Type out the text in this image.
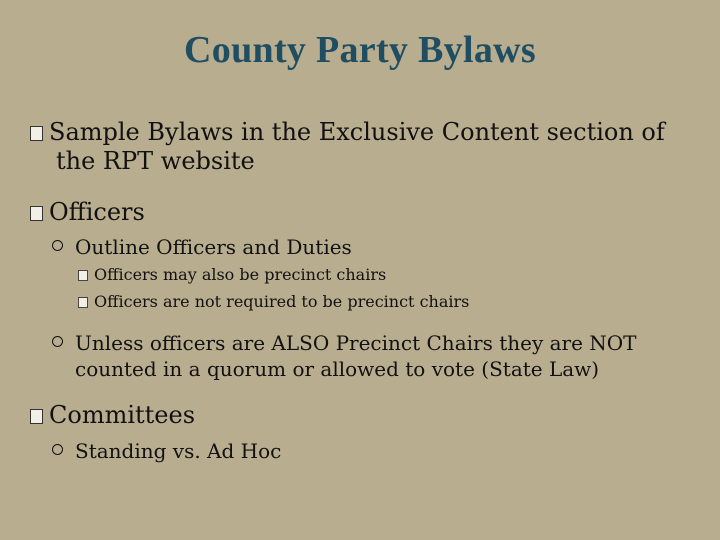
County Party Bylaws
Sample Bylaws in the Exclusive Content section of
the RPT website
Officers
Outline Officers and Duties
Officers may also be precinct chairs
Officers are not required to be precinct chairs
Unless officers are ALSO Precinct Chairs they are NOT
counted in a quorum or allowed to vote (State Law)
Committees
Standing vs. Ad Hoc
